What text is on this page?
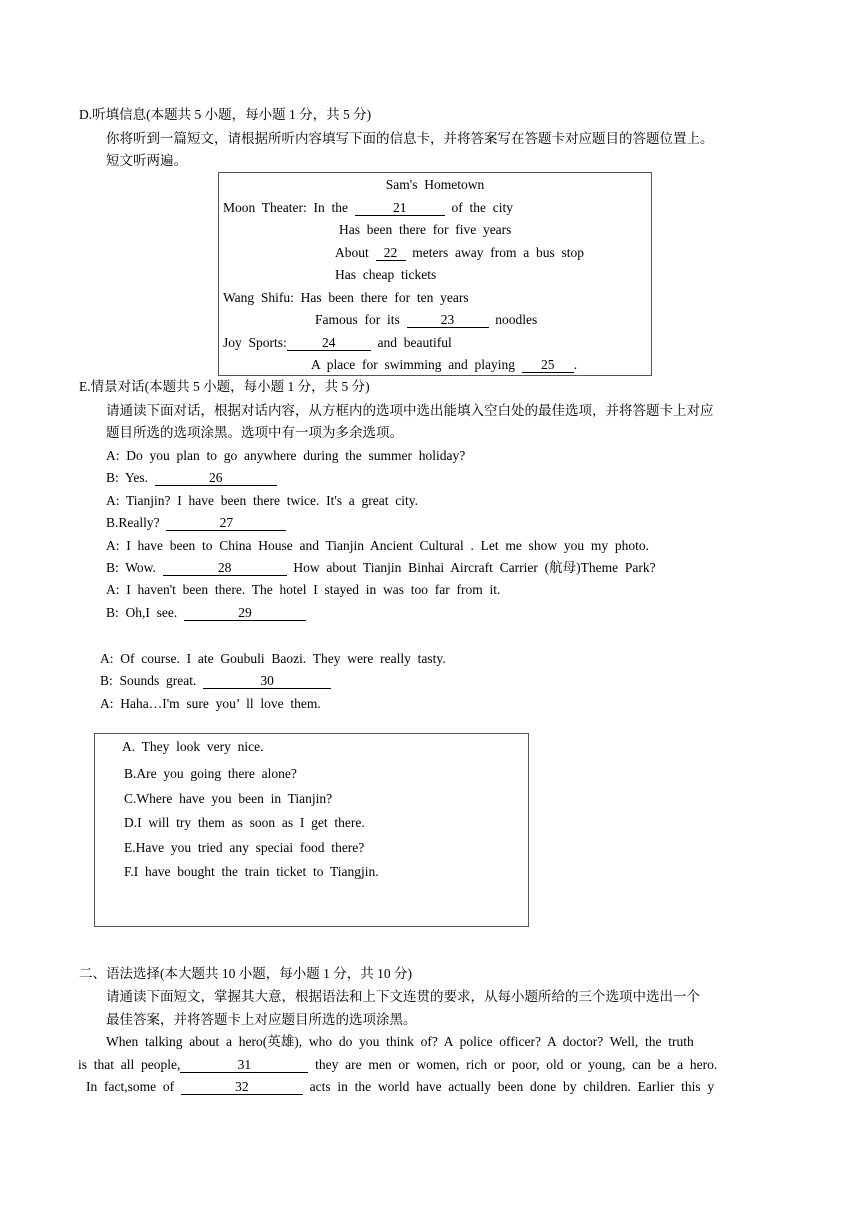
D.听填信息(本题共 5 小题，每小题 1 分，共 5 分)
你将听到一篇短文，请根据所听内容填写下面的信息卡，并将答案写在答题卡对应题目的答题位置上。
短文听两遍。
Sam's  Hometown
Moon  Theater:  In  the	21	of  the  city
Has  been  there  for  five  years
About 22 meters  away  from  a  bus  stop
Has  cheap  tickets
Wang  Shifu:  Has  been  there  for  ten  years
Famous  for  its	23	noodles
Joy  Sports:	24	and  beautiful
A  place  for  swimming  and  playing 25 .
E.情景对话(本题共 5 小题，每小题 1 分，共 5 分)
请通读下面对话，根据对话内容，从方框内的选项中选出能填入空白处的最佳选项，并将答题卡上对应
题目所选的选项涂黑。选项中有一项为多余选项。
A:  Do  you  plan  to  go  anywhere  during  the  summer  holiday?
B:  Yes.	26
A:  Tianjin?  I  have  been  there  twice.  It's  a  great  city.
B.Really?	27
A:  I  have  been  to  China  House  and  Tianjin  Ancient  Cultural  .  Let  me  show  you  my  photo.
B:  Wow.	28	How  about  Tianjin  Binhai  Aircraft  Carrier  (航母)Theme  Park?
A:  I  haven't  been  there.  The  hotel  I  stayed  in  was  too  far  from  it.
B:  Oh,I  see.	29
A:  Of  course.  I  ate  Goubuli  Baozi.  They  were  really  tasty.
B:  Sounds  great.	30
A:  Haha…I'm  sure  you’  ll  love  them.
A.  They  look  very  nice.
B.Are  you  going  there  alone?
C.Where  have  you  been  in  Tianjin?
D.I  will  try  them  as  soon  as  I  get  there.
E.Have  you  tried  any  speciai  food  there?
F.I  have  bought  the  train  ticket  to  Tiangjin.
二、语法选择(本大题共 10 小题，每小题 1 分，共 10 分)
请通读下面短文，掌握其大意，根据语法和上下文连贯的要求，从每小题所给的三个选项中选出一个
最佳答案，并将答题卡上对应题目所选的选项涂黑。
When  talking  about  a  hero(英雄),  who  do  you  think  of?  A  police  officer?  A  doctor?  Well,  the  truth
is  that  all  people,	31	they  are  men  or  women,  rich  or  poor,  old  or  young,  can  be  a  hero.
In  fact,some  of	32	acts  in  the  world  have  actually  been  done  by  children.  Earlier  this  y
